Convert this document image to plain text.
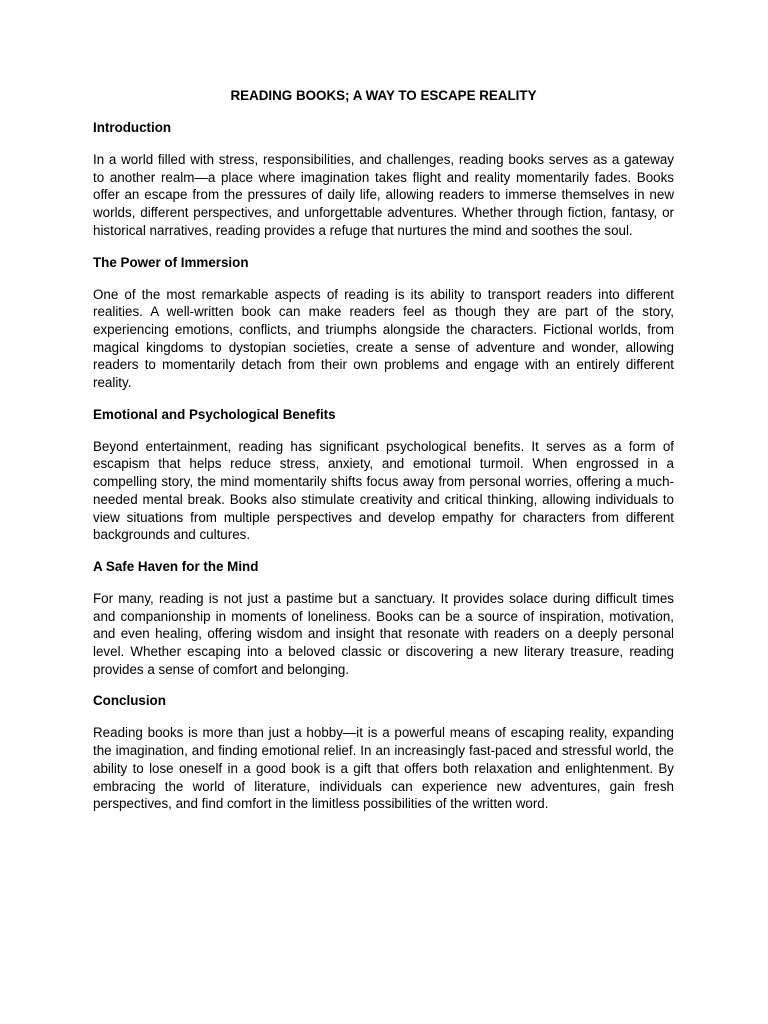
READING BOOKS; A WAY TO ESCAPE REALITY
Introduction

In a world filled with stress, responsibilities, and challenges, reading books serves as a gateway to another realm—a place where imagination takes flight and reality momentarily fades. Books offer an escape from the pressures of daily life, allowing readers to immerse themselves in new worlds, different perspectives, and unforgettable adventures. Whether through fiction, fantasy, or historical narratives, reading provides a refuge that nurtures the mind and soothes the soul.

The Power of Immersion

One of the most remarkable aspects of reading is its ability to transport readers into different realities. A well-written book can make readers feel as though they are part of the story, experiencing emotions, conflicts, and triumphs alongside the characters. Fictional worlds, from magical kingdoms to dystopian societies, create a sense of adventure and wonder, allowing readers to momentarily detach from their own problems and engage with an entirely different reality.

Emotional and Psychological Benefits

Beyond entertainment, reading has significant psychological benefits. It serves as a form of escapism that helps reduce stress, anxiety, and emotional turmoil. When engrossed in a compelling story, the mind momentarily shifts focus away from personal worries, offering a much-needed mental break. Books also stimulate creativity and critical thinking, allowing individuals to view situations from multiple perspectives and develop empathy for characters from different backgrounds and cultures.

A Safe Haven for the Mind

For many, reading is not just a pastime but a sanctuary. It provides solace during difficult times and companionship in moments of loneliness. Books can be a source of inspiration, motivation, and even healing, offering wisdom and insight that resonate with readers on a deeply personal level. Whether escaping into a beloved classic or discovering a new literary treasure, reading provides a sense of comfort and belonging.

Conclusion

Reading books is more than just a hobby—it is a powerful means of escaping reality, expanding the imagination, and finding emotional relief. In an increasingly fast-paced and stressful world, the ability to lose oneself in a good book is a gift that offers both relaxation and enlightenment. By embracing the world of literature, individuals can experience new adventures, gain fresh perspectives, and find comfort in the limitless possibilities of the written word.
